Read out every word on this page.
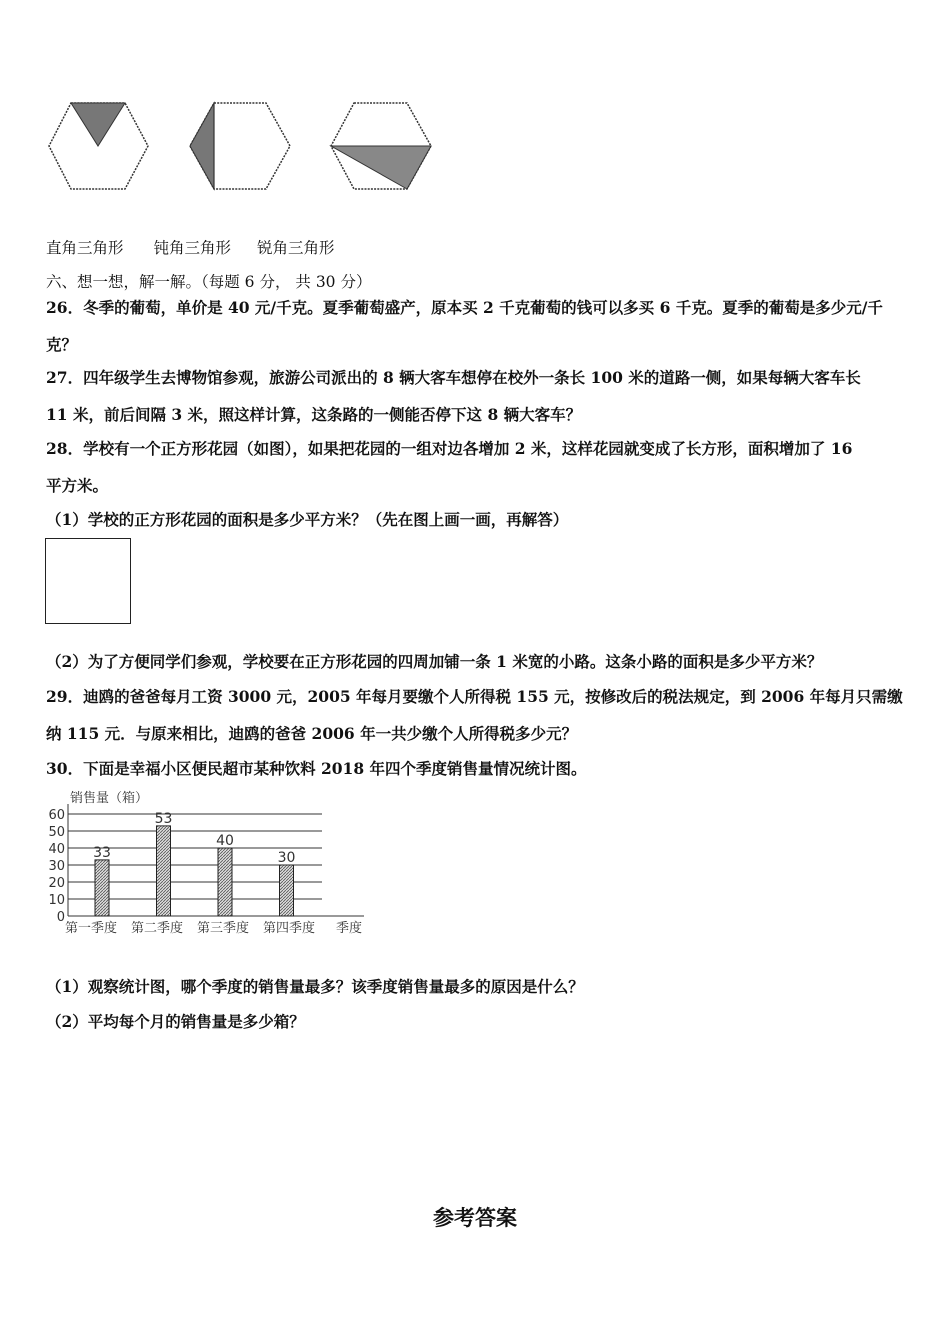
直角三角形 钝角三角形 锐角三角形
六、想一想，解一解。（每题 6 分， 共 30 分）
26．冬季的葡萄，单价是 40 元/千克。夏季葡萄盛产，原本买 2 千克葡萄的钱可以多买 6 千克。夏季的葡萄是多少元/千
克？
27．四年级学生去博物馆参观，旅游公司派出的 8 辆大客车想停在校外一条长 100 米的道路一侧，如果每辆大客车长
11 米，前后间隔 3 米，照这样计算，这条路的一侧能否停下这 8 辆大客车？
28．学校有一个正方形花园（如图），如果把花园的一组对边各增加 2 米，这样花园就变成了长方形，面积增加了 16
平方米。
（1）学校的正方形花园的面积是多少平方米？（先在图上画一画，再解答）
（2）为了方便同学们参观，学校要在正方形花园的四周加铺一条 1 米宽的小路。这条小路的面积是多少平方米？
29．迪鸥的爸爸每月工资 3000 元，2005 年每月要缴个人所得税 155 元，按修改后的税法规定，到 2006 年每月只需缴
纳 115 元．与原来相比，迪鸥的爸爸 2006 年一共少缴个人所得税多少元？
30．下面是幸福小区便民超市某种饮料 2018 年四个季度销售量情况统计图。
销售量（箱）
0
10
20
30
40
50
60
33
53
40
30
第一季度 第二季度 第三季度 第四季度 季度
（1）观察统计图，哪个季度的销售量最多？该季度销售量最多的原因是什么？
（2）平均每个月的销售量是多少箱？
参考答案
